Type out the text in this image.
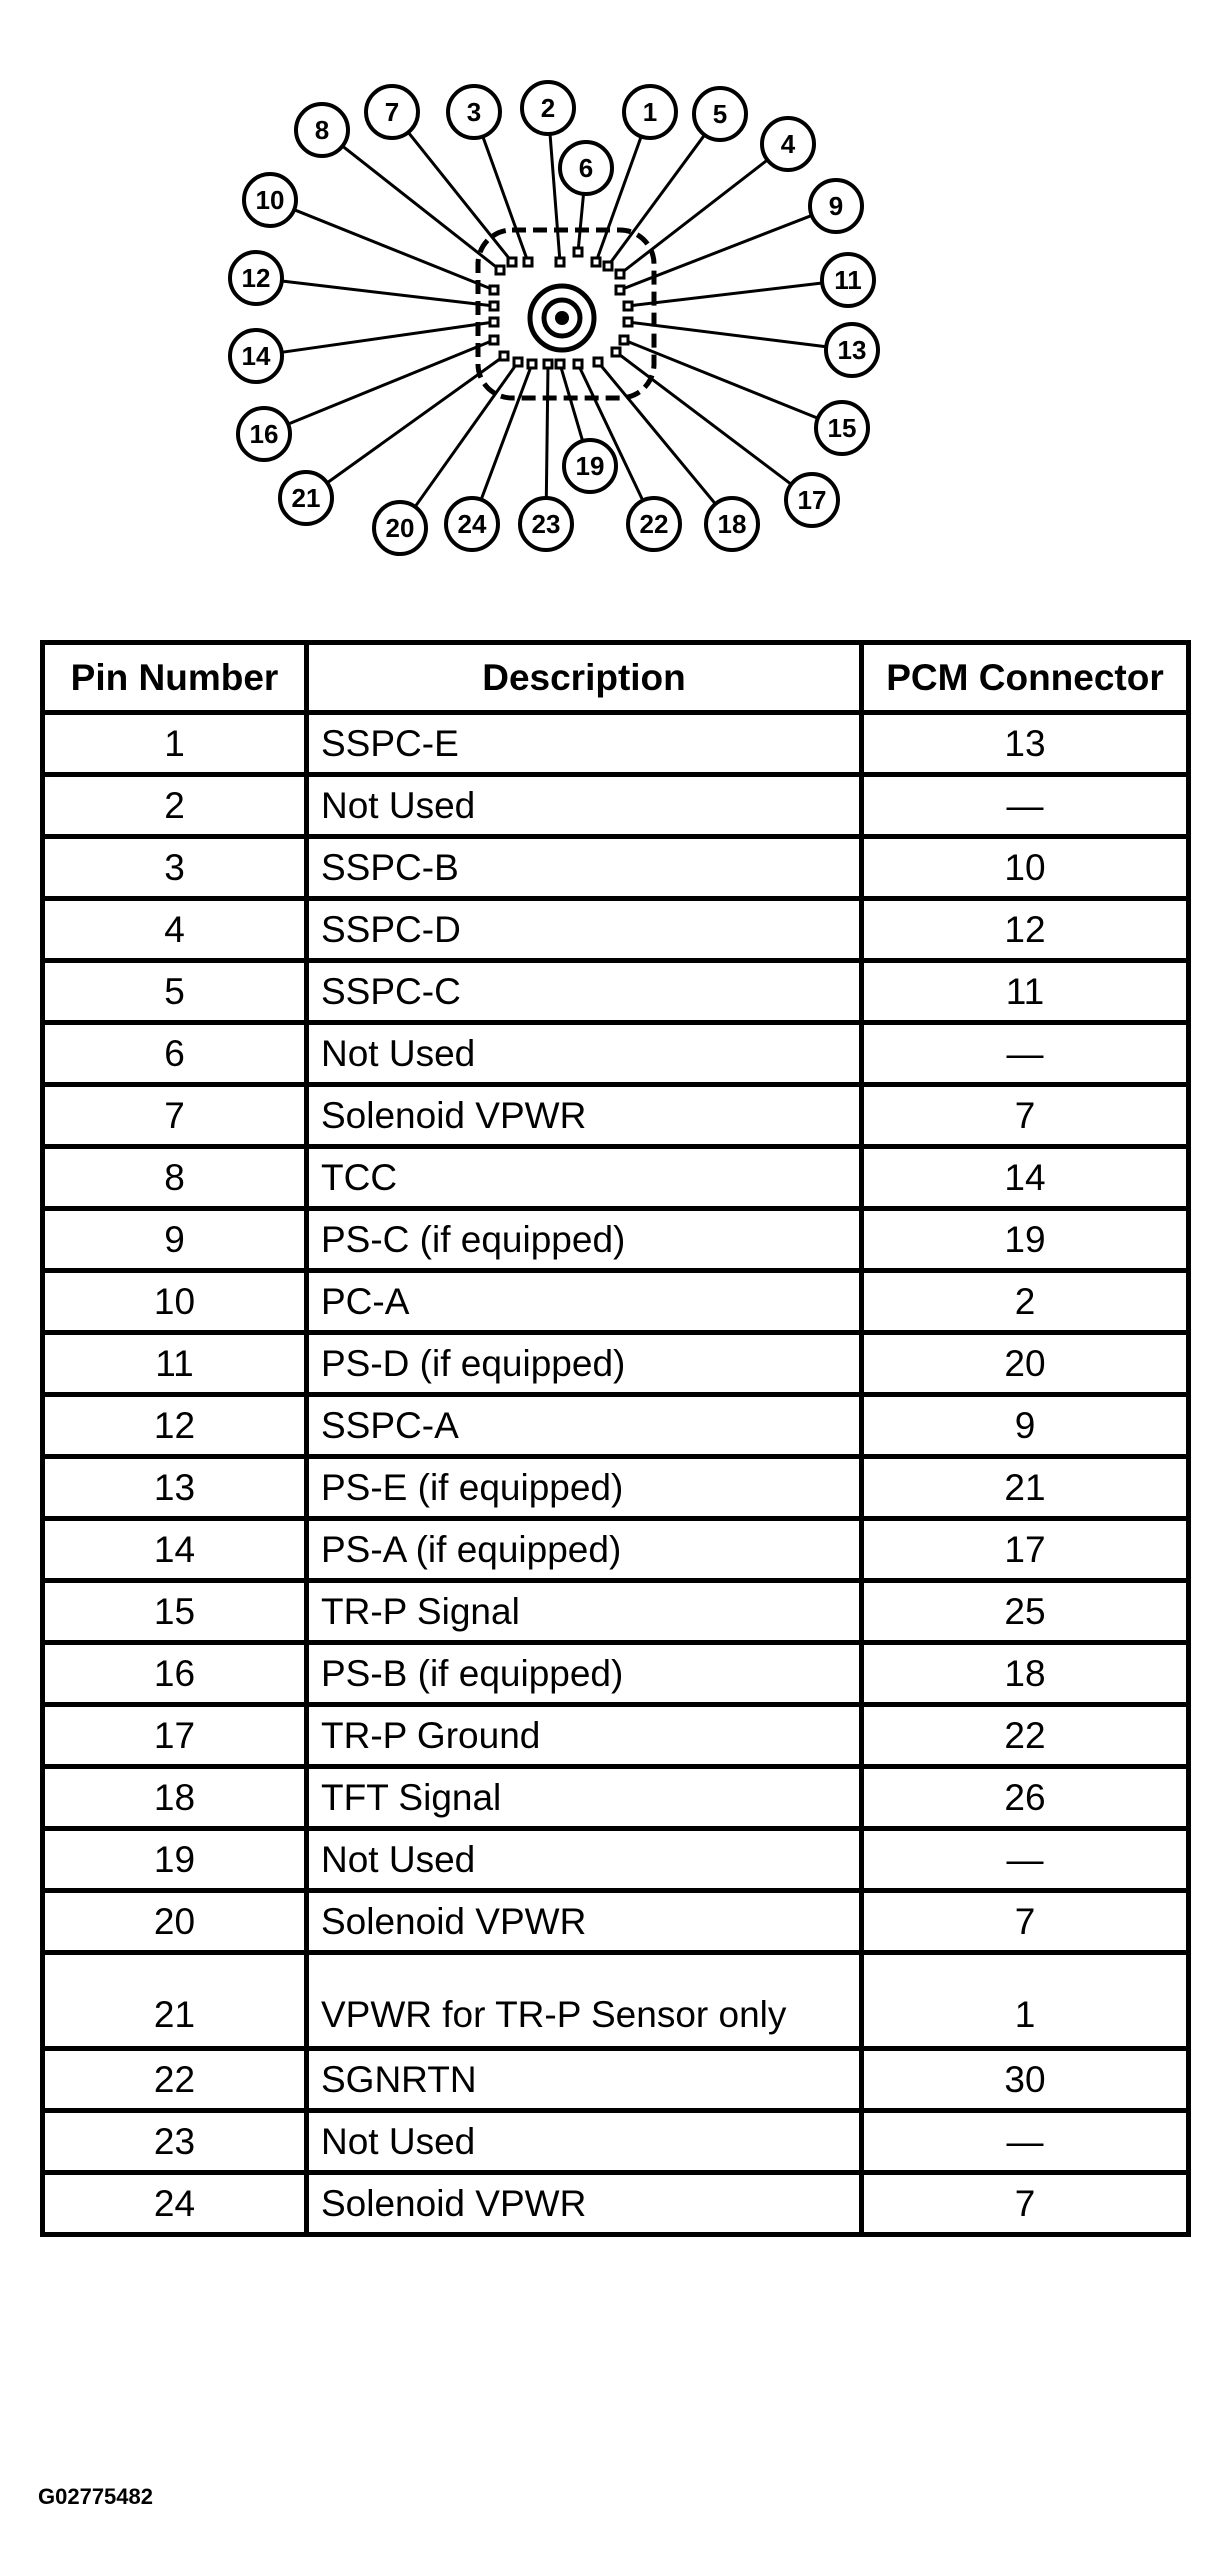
1
2
3
4
5
6
7
8
9
10
11
12
13
14
15
16
17
18
19
20
21
22
23
24
Pin Number	Description	PCM Connector
1	SSPC-E	13
2	Not Used	—
3	SSPC-B	10
4	SSPC-D	12
5	SSPC-C	11
6	Not Used	—
7	Solenoid VPWR	7
8	TCC	14
9	PS-C (if equipped)	19
10	PC-A	2
11	PS-D (if equipped)	20
12	SSPC-A	9
13	PS-E (if equipped)	21
14	PS-A (if equipped)	17
15	TR-P Signal	25
16	PS-B (if equipped)	18
17	TR-P Ground	22
18	TFT Signal	26
19	Not Used	—
20	Solenoid VPWR	7
21	VPWR for TR-P Sensor only	1
22	SGNRTN	30
23	Not Used	—
24	Solenoid VPWR	7
G02775482
